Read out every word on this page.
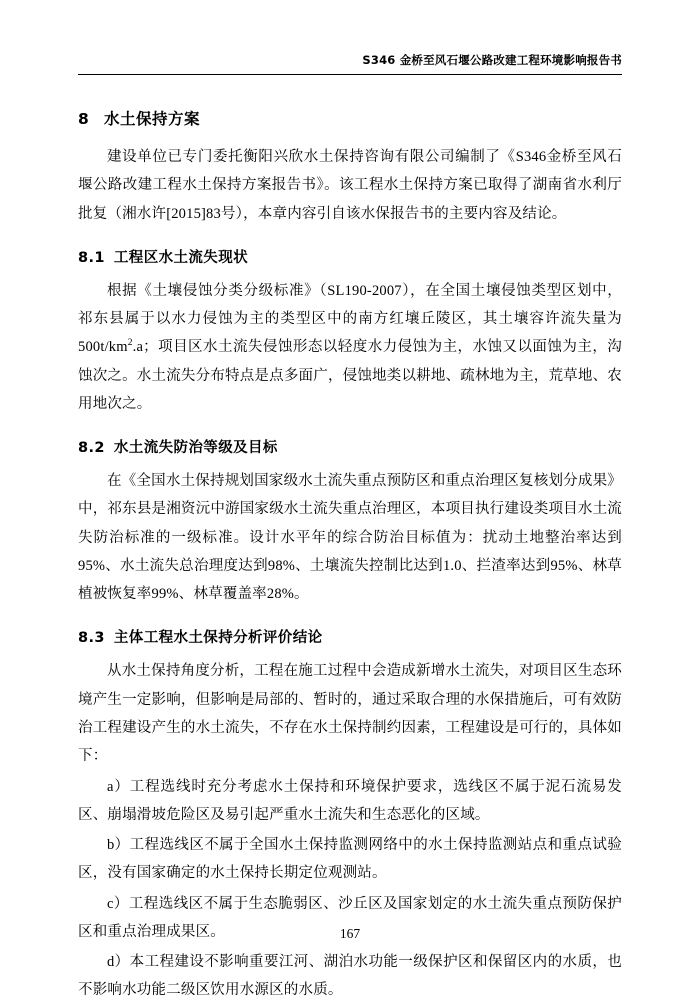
S346 金桥至风石堰公路改建工程环境影响报告书
8 水土保持方案

建设单位已专门委托衡阳兴欣水土保持咨询有限公司编制了《S346金桥至风石堰公路改建工程水土保持方案报告书》。该工程水土保持方案已取得了湖南省水利厅批复（湘水许[2015]83号），本章内容引自该水保报告书的主要内容及结论。

8.1 工程区水土流失现状

根据《土壤侵蚀分类分级标准》（SL190-2007），在全国土壤侵蚀类型区划中，祁东县属于以水力侵蚀为主的类型区中的南方红壤丘陵区，其土壤容许流失量为$500t/km^2.a$；项目区水土流失侵蚀形态以轻度水力侵蚀为主，水蚀又以面蚀为主，沟蚀次之。水土流失分布特点是点多面广，侵蚀地类以耕地、疏林地为主，荒草地、农用地次之。

8.2 水土流失防治等级及目标

在《全国水土保持规划国家级水土流失重点预防区和重点治理区复核划分成果》中，祁东县是湘资沅中游国家级水土流失重点治理区，本项目执行建设类项目水土流失防治标准的一级标准。设计水平年的综合防治目标值为：扰动土地整治率达到95%、水土流失总治理度达到98%、土壤流失控制比达到1.0、拦渣率达到95%、林草植被恢复率99%、林草覆盖率28%。

8.3 主体工程水土保持分析评价结论

从水土保持角度分析，工程在施工过程中会造成新增水土流失，对项目区生态环境产生一定影响，但影响是局部的、暂时的，通过采取合理的水保措施后，可有效防治工程建设产生的水土流失，不存在水土保持制约因素，工程建设是可行的，具体如下：

a）工程选线时充分考虑水土保持和环境保护要求，选线区不属于泥石流易发区、崩塌滑坡危险区及易引起严重水土流失和生态恶化的区域。

b）工程选线区不属于全国水土保持监测网络中的水土保持监测站点和重点试验区，没有国家确定的水土保持长期定位观测站。

c）工程选线区不属于生态脆弱区、沙丘区及国家划定的水土流失重点预防保护区和重点治理成果区。

d）本工程建设不影响重要江河、湖泊水功能一级保护区和保留区内的水质，也不影响水功能二级区饮用水源区的水质。

167
